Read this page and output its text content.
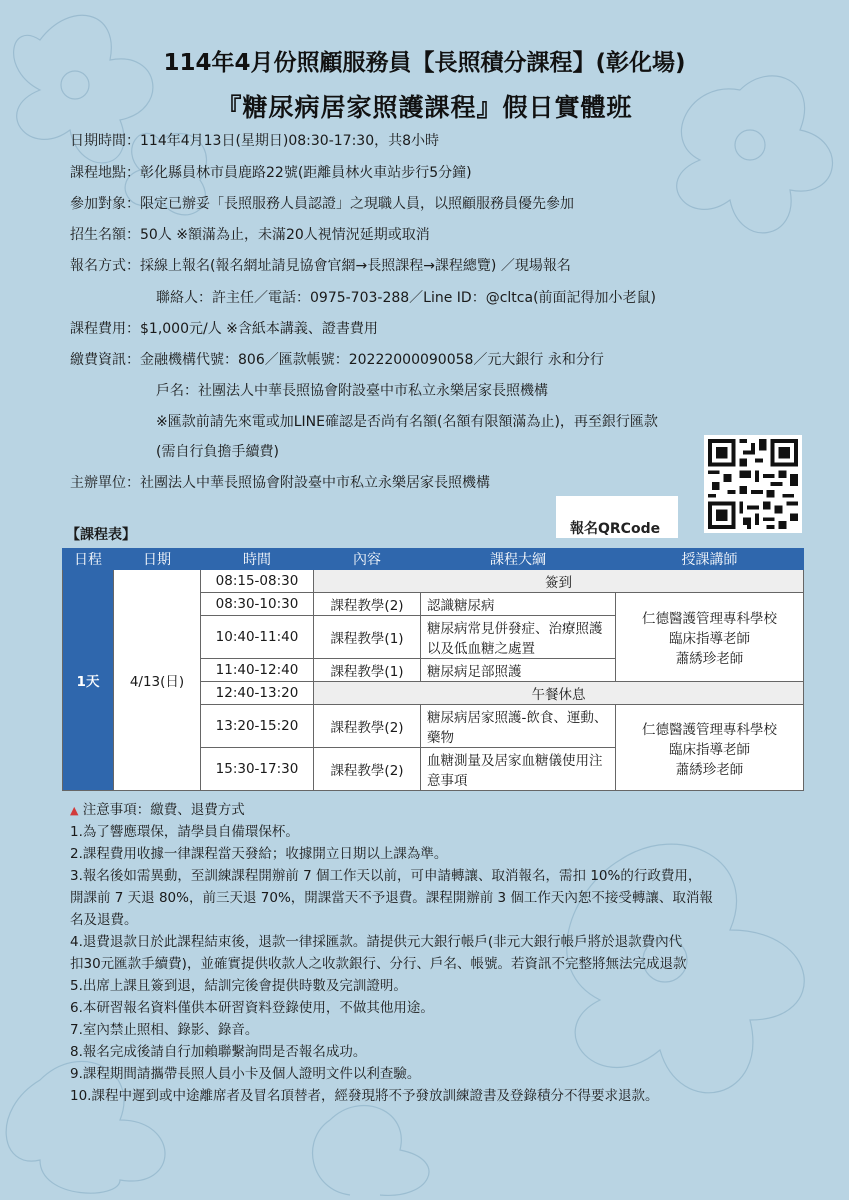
114年4月份照顧服務員【長照積分課程】(彰化場)
『糖尿病居家照護課程』假日實體班
日期時間：114年4月13日(星期日)08:30-17:30，共8小時
課程地點：彰化縣員林市員鹿路22號(距離員林火車站步行5分鐘)
參加對象：限定已辦妥「長照服務人員認證」之現職人員，以照顧服務員優先參加
招生名額：50人 ※額滿為止，未滿20人視情況延期或取消
報名方式：採線上報名(報名網址請見協會官網→長照課程→課程總覽) ／現場報名
聯絡人：許主任／電話：0975-703-288／Line ID：@cltca(前面記得加小老鼠)
課程費用：$1,000元/人 ※含紙本講義、證書費用
繳費資訊：金融機構代號：806／匯款帳號：20222000090058／元大銀行 永和分行
戶名：社團法人中華長照協會附設臺中市私立永樂居家長照機構
※匯款前請先來電或加LINE確認是否尚有名額(名額有限額滿為止)，再至銀行匯款
(需自行負擔手續費)
主辦單位：社團法人中華長照協會附設臺中市私立永樂居家長照機構
報名QRCode
【課程表】
日程	日期	時間	內容	課程大綱	授課講師
1天	4/13(日)	08:15-08:30	簽到		
		08:30-10:30	課程教學(2)	認識糖尿病	仁德醫護管理專科學校
臨床指導老師
蕭綉珍老師

		10:40-11:40	課程教學(1)	糖尿病常見併發症、治療照護以及低血糖之處置	
		11:40-12:40	課程教學(1)	糖尿病足部照護	
		12:40-13:20	午餐休息		
		13:20-15:20	課程教學(2)	糖尿病居家照護-飲食、運動、藥物	仁德醫護管理專科學校
臨床指導老師
蕭綉珍老師

		15:30-17:30	課程教學(2)	血糖測量及居家血糖儀使用注意事項	
▲ 注意事項：繳費、退費方式
1.為了響應環保，請學員自備環保杯。
2.課程費用收據一律課程當天發給；收據開立日期以上課為準。
3.報名後如需異動，至訓練課程開辦前 7 個工作天以前，可申請轉讓、取消報名，需扣 10%的行政費用，
開課前 7 天退 80%，前三天退 70%，開課當天不予退費。課程開辦前 3 個工作天內恕不接受轉讓、取消報
名及退費。
4.退費退款日於此課程結束後，退款一律採匯款。請提供元大銀行帳戶(非元大銀行帳戶將於退款費內代
扣30元匯款手續費)，並確實提供收款人之收款銀行、分行、戶名、帳號。若資訊不完整將無法完成退款
5.出席上課且簽到退，結訓完後會提供時數及完訓證明。
6.本研習報名資料僅供本研習資料登錄使用，不做其他用途。
7.室內禁止照相、錄影、錄音。
8.報名完成後請自行加賴聯繫詢問是否報名成功。
9.課程期間請攜帶長照人員小卡及個人證明文件以利查驗。
10.課程中遲到或中途離席者及冒名頂替者，經發現將不予發放訓練證書及登錄積分不得要求退款。
